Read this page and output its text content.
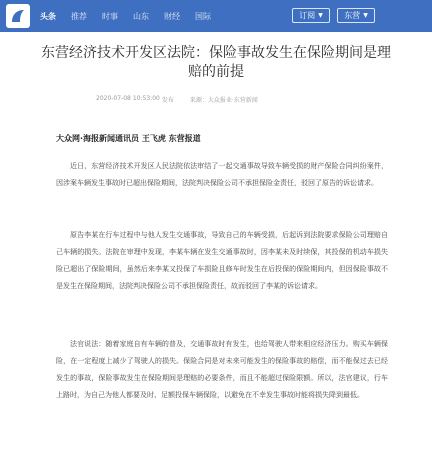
头条 推荐 时事 山东 财经 国际	订阅 ▼	东营 ▼
东营经济技术开发区法院：保险事故发生在保险期间是理赔的前提
2020-07-08 10:53:00 发布	来源：大众报业·东营新闻

大众网·海报新闻通讯员 王飞虎 东营报道

近日，东营经济技术开发区人民法院依法审结了一起交通事故导致车辆受损的财产保险合同纠纷案件，因涉案车辆发生事故时已超出保险期间，法院判决保险公司不承担保险金责任，驳回了原告的诉讼请求。

原告李某在行车过程中与他人发生交通事故，导致自己的车辆受损，后起诉到法院要求保险公司理赔自己车辆的损失。法院在审理中发现，李某车辆在发生交通事故时，因李某未及时续保，其投保的机动车损失险已超出了保险期间，虽然后来李某又投保了车损险且修车时发生在后投保的保险期间内，但因保险事故不是发生在保险期间，法院判决保险公司不承担保险责任，故而驳回了李某的诉讼请求。

法官说法：随着家庭自有车辆的普及，交通事故时有发生，也给驾驶人带来相应经济压力。购买车辆保险，在一定程度上减少了驾驶人的损失。保险合同是对未来可能发生的保险事故的赔偿，而不能保过去已经发生的事故，保险事故发生在保险期间是理赔的必要条件，而且不能超过保险限额。所以，法官建议，行车上路时，为自己为他人都要及时、足额投保车辆保险，以避免在不幸发生事故时能将损失降到最低。
